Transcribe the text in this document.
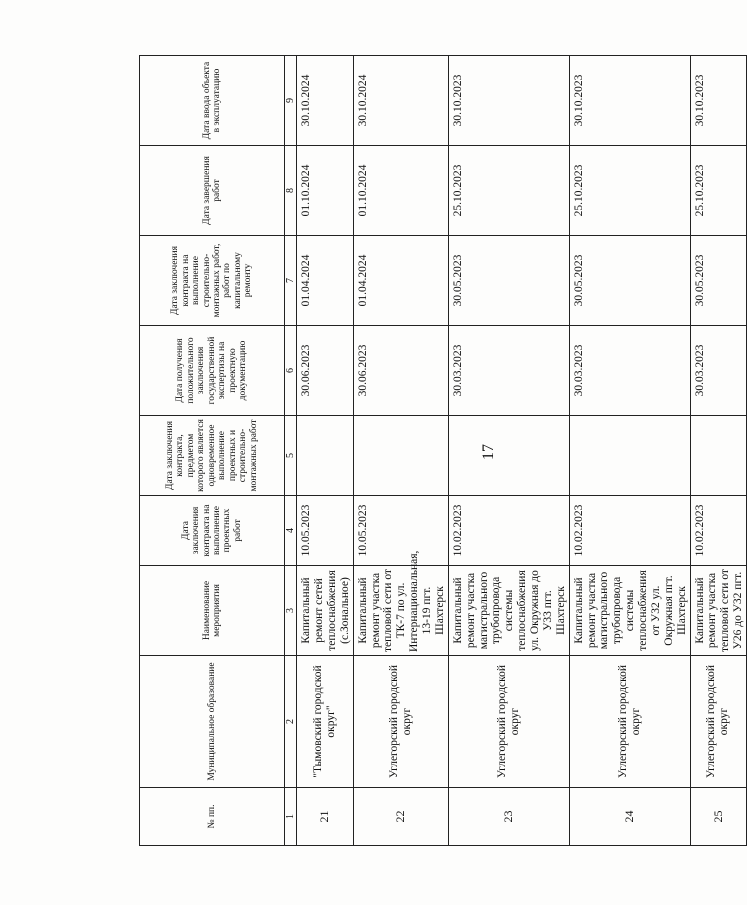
17
№ пп.	Муниципальное образование	Наименование мероприятия	Дата заключения контракта на выполнение проектных работ	Дата заключения контракта, предметом которого является одновременное выполнение проектных и строительно-монтажных работ	Дата получения положительного заключения государственной экспертизы на проектную документацию	Дата заключения контракта на выполнение строительно-монтажных работ, работ по капитальному ремонту	Дата завершения работ	Дата ввода объекта в эксплуатацию
1	2	3	4	5	6	7	8	9
21	"Тымовский городской округ"	Капитальный ремонт сетей теплоснабжения (с.Зональное)	10.05.2023		30.06.2023	01.04.2024	01.10.2024	30.10.2024
22	Углегорский городской округ	Капитальный ремонт участка тепловой сети от ТК-7 по ул. Интернациональная, 13-19 пгт. Шахтерск	10.05.2023		30.06.2023	01.04.2024	01.10.2024	30.10.2024
23	Углегорский городской округ	Капитальный ремонт участка магистрального трубопровода системы теплоснабжения ул. Окружная до У33 пгт. Шахтерск	10.02.2023		30.03.2023	30.05.2023	25.10.2023	30.10.2023
24	Углегорский городской округ	Капитальный ремонт участка магистрального трубопровода системы теплоснабжения от У32 ул. Окружная пгт. Шахтерск	10.02.2023		30.03.2023	30.05.2023	25.10.2023	30.10.2023
25	Углегорский городской округ	Капитальный ремонт участка тепловой сети от У26 до У32 пгт.	10.02.2023		30.03.2023	30.05.2023	25.10.2023	30.10.2023
